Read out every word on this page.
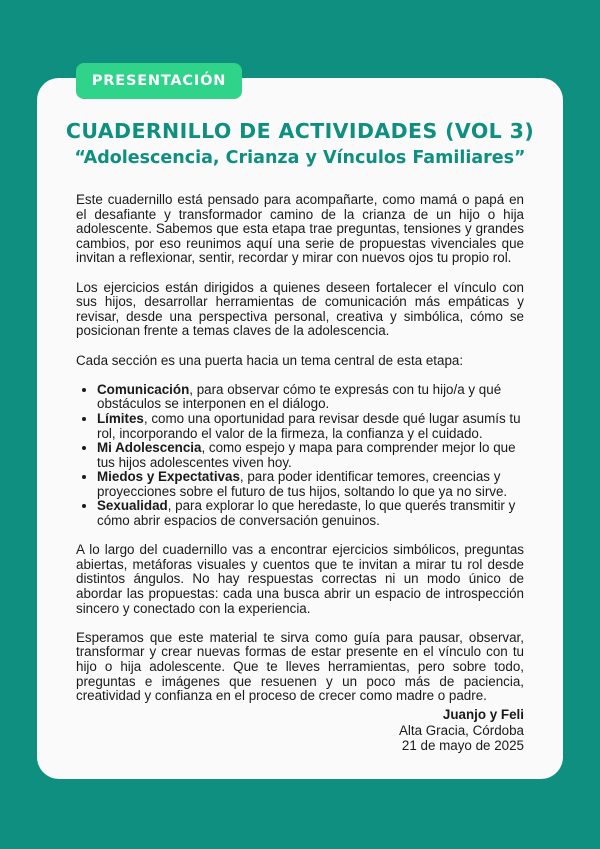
PRESENTACIÓN
CUADERNILLO DE ACTIVIDADES (VOL 3)
“Adolescencia, Crianza y Vínculos Familiares”

Este cuadernillo está pensado para acompañarte, como mamá o papá en el desafiante y transformador camino de la crianza de un hijo o hija adolescente. Sabemos que esta etapa trae preguntas, tensiones y grandes cambios, por eso reunimos aquí una serie de propuestas vivenciales que invitan a reflexionar, sentir, recordar y mirar con nuevos ojos tu propio rol.

Los ejercicios están dirigidos a quienes deseen fortalecer el vínculo con sus hijos, desarrollar herramientas de comunicación más empáticas y revisar, desde una perspectiva personal, creativa y simbólica, cómo se posicionan frente a temas claves de la adolescencia.

Cada sección es una puerta hacia un tema central de esta etapa:

• Comunicación, para observar cómo te expresás con tu hijo/a y qué obstáculos se interponen en el diálogo.
• Límites, como una oportunidad para revisar desde qué lugar asumís tu rol, incorporando el valor de la firmeza, la confianza y el cuidado.
• Mi Adolescencia, como espejo y mapa para comprender mejor lo que tus hijos adolescentes viven hoy.
• Miedos y Expectativas, para poder identificar temores, creencias y proyecciones sobre el futuro de tus hijos, soltando lo que ya no sirve.
• Sexualidad, para explorar lo que heredaste, lo que querés transmitir y cómo abrir espacios de conversación genuinos.

A lo largo del cuadernillo vas a encontrar ejercicios simbólicos, preguntas abiertas, metáforas visuales y cuentos que te invitan a mirar tu rol desde distintos ángulos. No hay respuestas correctas ni un modo único de abordar las propuestas: cada una busca abrir un espacio de introspección sincero y conectado con la experiencia.

Esperamos que este material te sirva como guía para pausar, observar, transformar y crear nuevas formas de estar presente en el vínculo con tu hijo o hija adolescente. Que te lleves herramientas, pero sobre todo, preguntas e imágenes que resuenen y un poco más de paciencia, creatividad y confianza en el proceso de crecer como madre o padre.

Juanjo y Feli
Alta Gracia, Córdoba
21 de mayo de 2025
